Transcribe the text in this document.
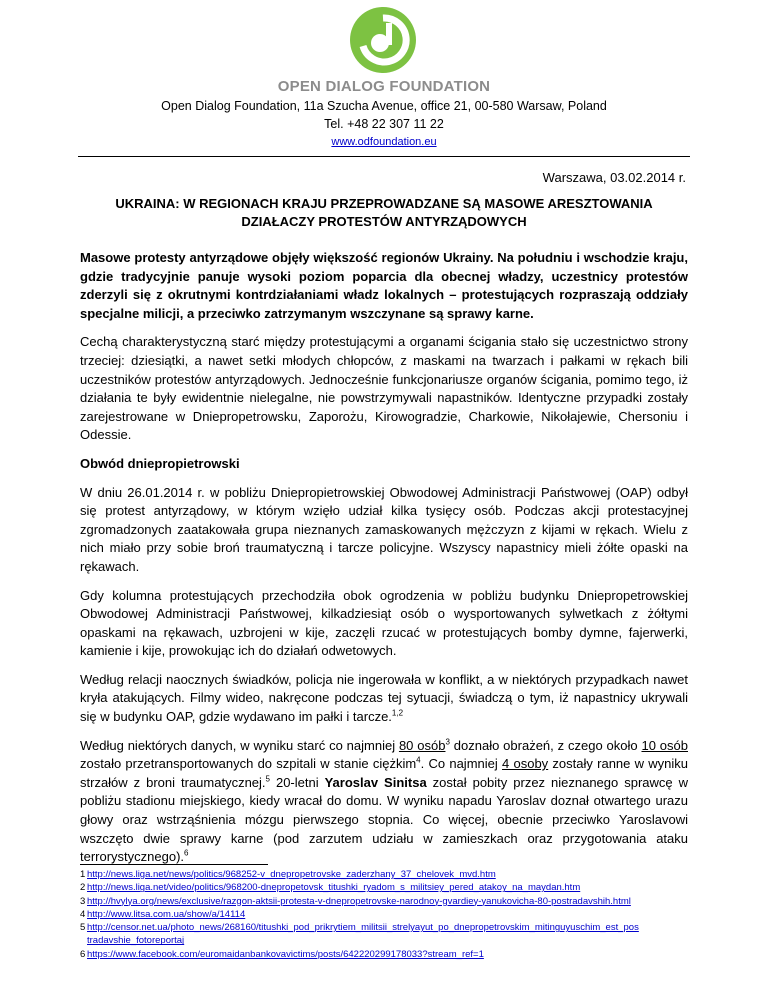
OPEN DIALOG FOUNDATION
Open Dialog Foundation, 11a Szucha Avenue, office 21, 00-580 Warsaw, Poland
Tel. +48 22 307 11 22
www.odfoundation.eu
Warszawa, 03.02.2014 r.
UKRAINA: W REGIONACH KRAJU PRZEPROWADZANE SĄ MASOWE ARESZTOWANIA DZIAŁACZY PROTESTÓW ANTYRZĄDOWYCH

Masowe protesty antyrządowe objęły większość regionów Ukrainy. Na południu i wschodzie kraju, gdzie tradycyjnie panuje wysoki poziom poparcia dla obecnej władzy, uczestnicy protestów zderzyli się z okrutnymi kontrdziałaniami władz lokalnych – protestujących rozpraszają oddziały specjalne milicji, a przeciwko zatrzymanym wszczynane są sprawy karne.

Cechą charakterystyczną starć między protestującymi a organami ścigania stało się uczestnictwo strony trzeciej: dziesiątki, a nawet setki młodych chłopców, z maskami na twarzach i pałkami w rękach bili uczestników protestów antyrządowych. Jednocześnie funkcjonariusze organów ścigania, pomimo tego, iż działania te były ewidentnie nielegalne, nie powstrzymywali napastników. Identyczne przypadki zostały zarejestrowane w Dniepropetrowsku, Zaporożu, Kirowogradzie, Charkowie, Nikołajewie, Chersoniu i Odessie.

Obwód dniepropietrowski

W dniu 26.01.2014 r. w pobliżu Dniepropietrowskiej Obwodowej Administracji Państwowej (OAP) odbył się protest antyrządowy, w którym wzięło udział kilka tysięcy osób. Podczas akcji protestacyjnej zgromadzonych zaatakowała grupa nieznanych zamaskowanych mężczyzn z kijami w rękach. Wielu z nich miało przy sobie broń traumatyczną i tarcze policyjne. Wszyscy napastnicy mieli żółte opaski na rękawach.

Gdy kolumna protestujących przechodziła obok ogrodzenia w pobliżu budynku Dniepropetrowskiej Obwodowej Administracji Państwowej, kilkadziesiąt osób o wysportowanych sylwetkach z żółtymi opaskami na rękawach, uzbrojeni w kije, zaczęli rzucać w protestujących bomby dymne, fajerwerki, kamienie i kije, prowokując ich do działań odwetowych.

Według relacji naocznych świadków, policja nie ingerowała w konflikt, a w niektórych przypadkach nawet kryła atakujących. Filmy wideo, nakręcone podczas tej sytuacji, świadczą o tym, iż napastnicy ukrywali się w budynku OAP, gdzie wydawano im pałki i tarcze.$^{1,2}$

Według niektórych danych, w wyniku starć co najmniej 80 osób$^3$ doznało obrażeń, z czego około 10 osób zostało przetransportowanych do szpitali w stanie ciężkim$^4$. Co najmniej 4 osoby zostały ranne w wyniku strzałów z broni traumatycznej.$^5$ 20-letni Yaroslav Sinitsa został pobity przez nieznanego sprawcę w pobliżu stadionu miejskiego, kiedy wracał do domu. W wyniku napadu Yaroslav doznał otwartego urazu głowy oraz wstrząśnienia mózgu pierwszego stopnia. Co więcej, obecnie przeciwko Yaroslavowi wszczęto dwie sprawy karne (pod zarzutem udziału w zamieszkach oraz przygotowania ataku terrorystycznego).$^6$

1 http://news.liga.net/news/politics/968252-v_dnepropetrovske_zaderzhany_37_chelovek_mvd.htm
2 http://news.liga.net/video/politics/968200-dnepropetovsk_titushki_ryadom_s_militsiey_pered_atakoy_na_maydan.htm
3 http://hvylya.org/news/exclusive/razgon-aktsii-protesta-v-dnepropetrovske-narodnoy-gvardiey-yanukovicha-80-postradavshih.html
4 http://www.litsa.com.ua/show/a/14114
5 http://censor.net.ua/photo_news/268160/titushki_pod_prikrytiem_militsii_strelyayut_po_dnepropetrovskim_mitinguyuschim_est_pos tradavshie_fotoreportaj
6 https://www.facebook.com/euromaidanbankovavictims/posts/642220299178033?stream_ref=1
